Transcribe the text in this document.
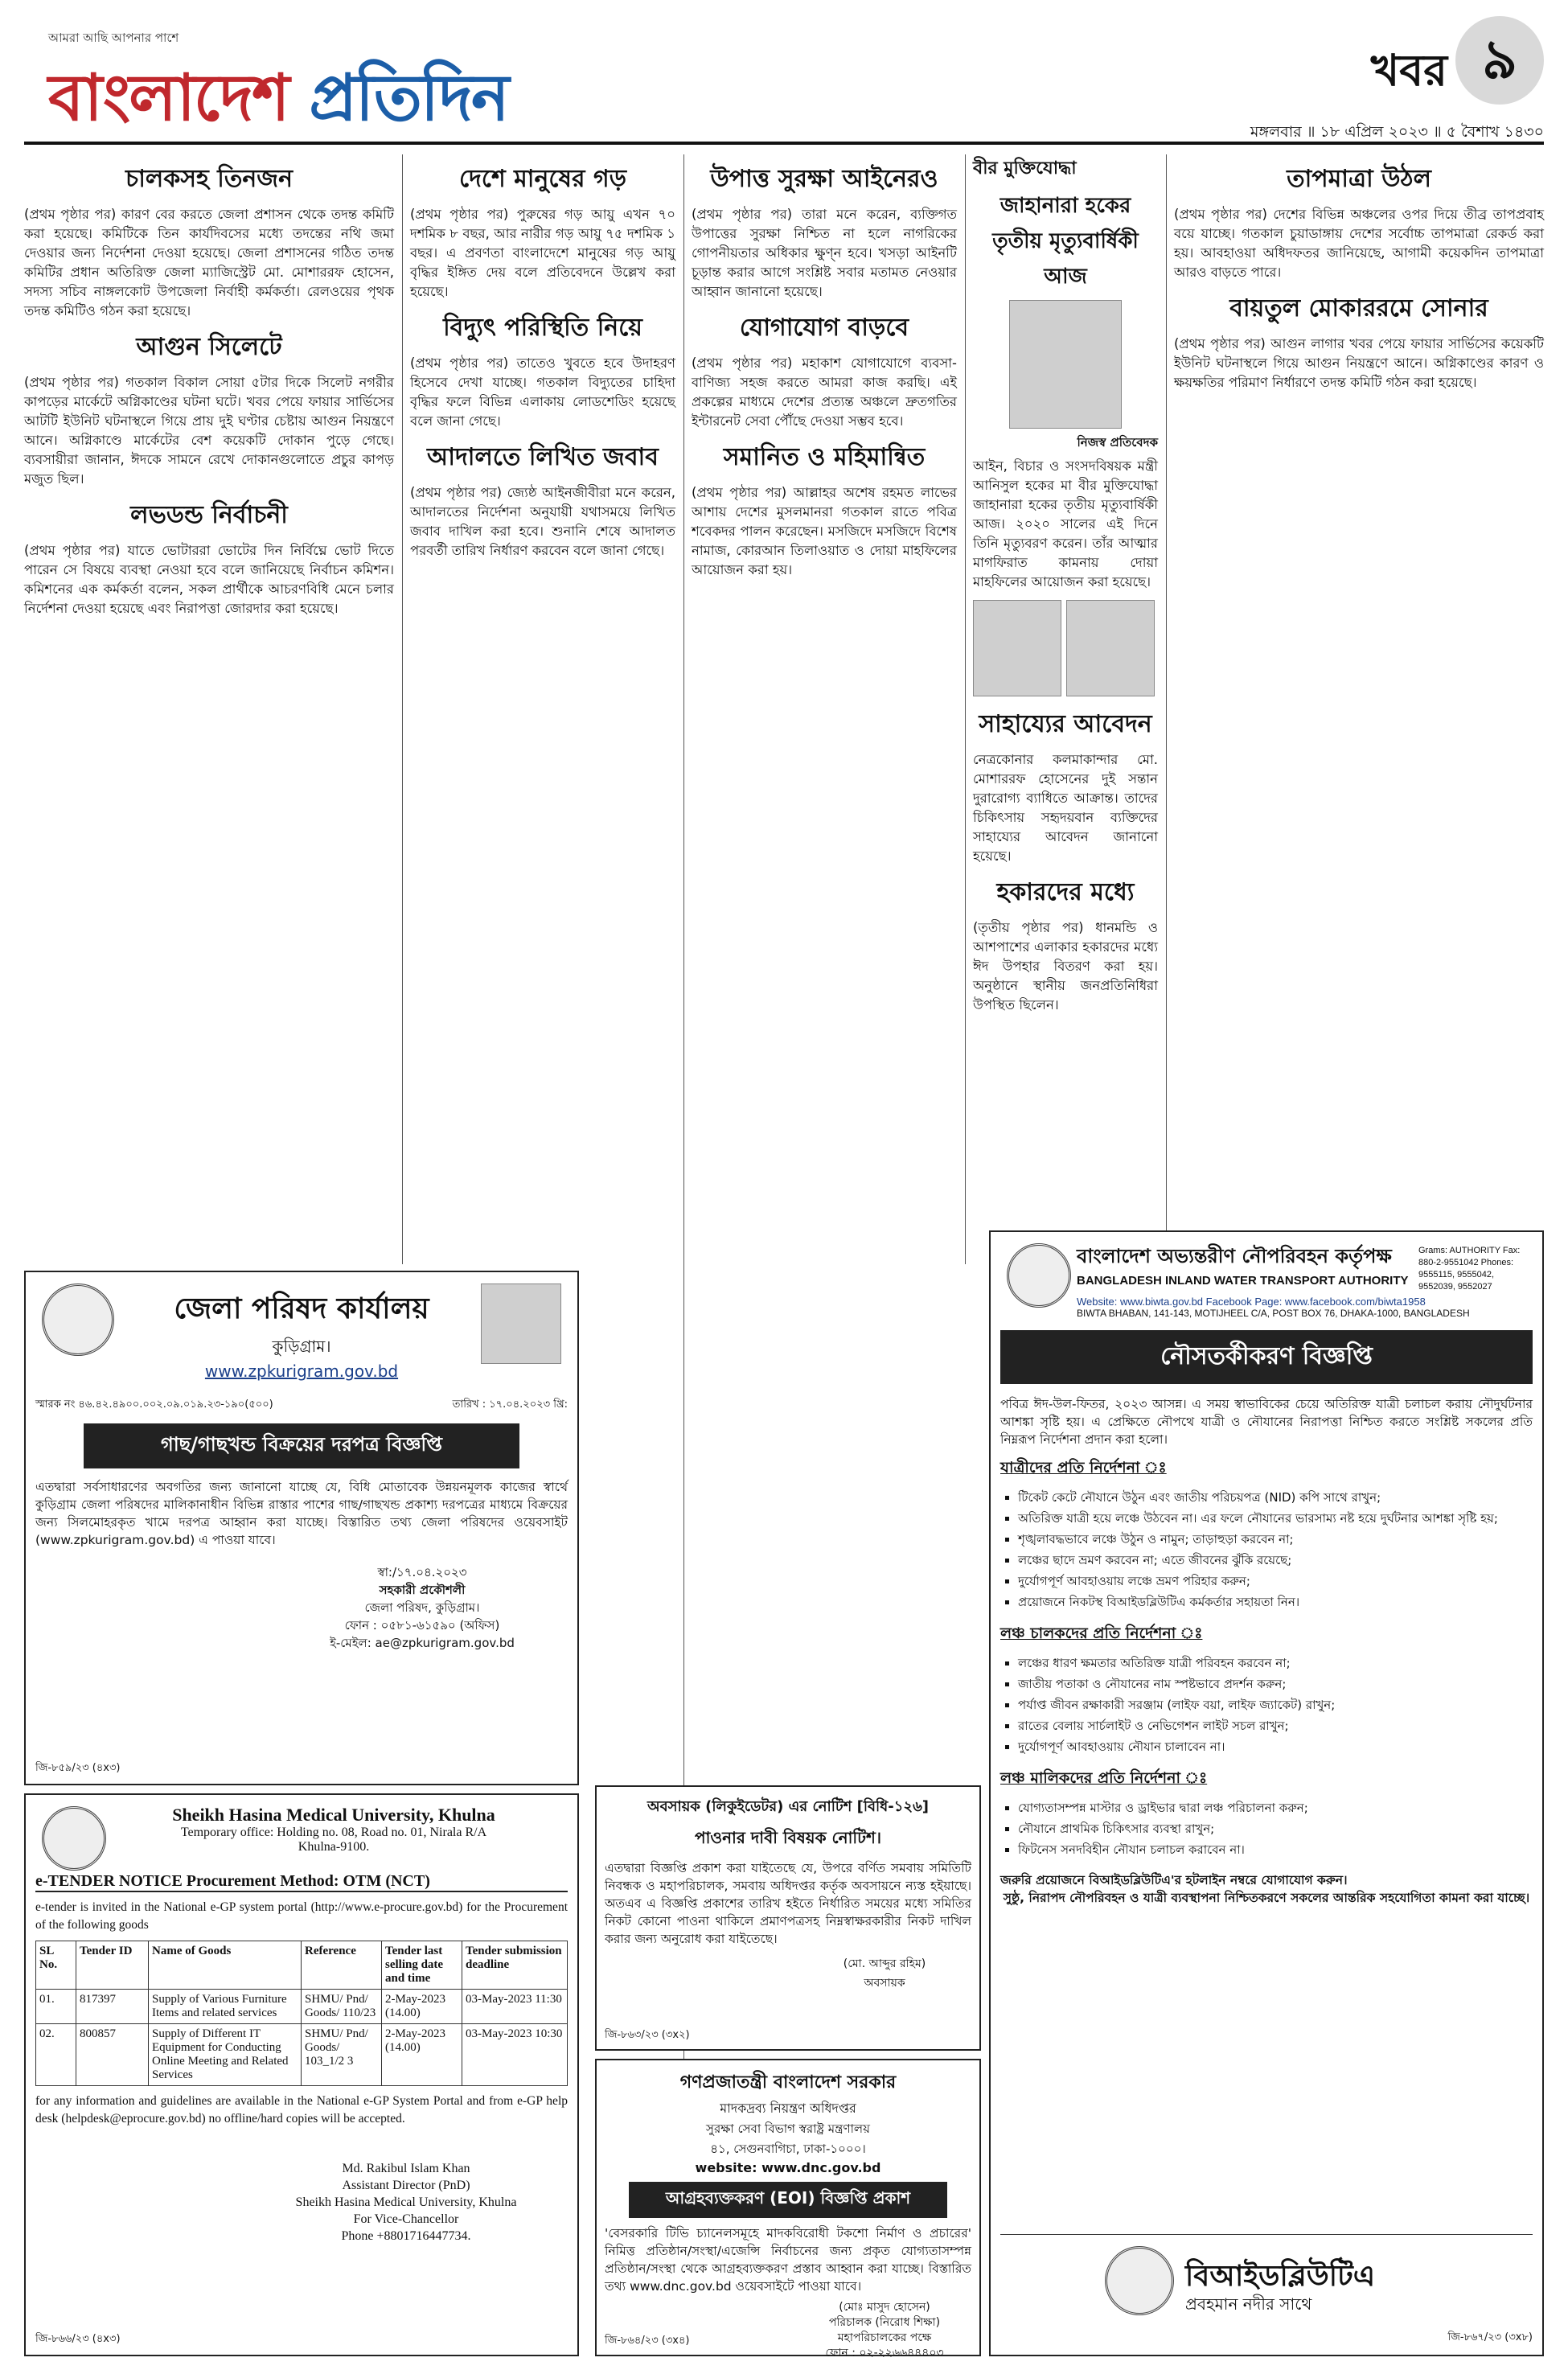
আমরা আছি আপনার পাশে
বাংলাদেশ প্রতিদিন	খবর ৯
মঙ্গলবার ॥ ১৮ এপ্রিল ২০২৩ ॥ ৫ বৈশাখ ১৪৩০
চালকসহ তিনজন

(প্রথম পৃষ্ঠার পর) কারণ বের করতে জেলা প্রশাসন থেকে তদন্ত কমিটি করা হয়েছে। কমিটিকে তিন কার্যদিবসের মধ্যে তদন্তের নথি জমা দেওয়ার জন্য নির্দেশনা দেওয়া হয়েছে। জেলা প্রশাসনের গঠিত তদন্ত কমিটির প্রধান অতিরিক্ত জেলা ম্যাজিস্ট্রেট মো. মোশাররফ হোসেন, সদস্য সচিব নাঙ্গলকোট উপজেলা নির্বাহী কর্মকর্তা। রেলওয়ের পৃথক তদন্ত কমিটিও গঠন করা হয়েছে।

আগুন সিলেটে

(প্রথম পৃষ্ঠার পর) গতকাল বিকাল সোয়া ৫টার দিকে সিলেট নগরীর কাপড়ের মার্কেটে অগ্নিকাণ্ডের ঘটনা ঘটে। খবর পেয়ে ফায়ার সার্ভিসের আটটি ইউনিট ঘটনাস্থলে গিয়ে প্রায় দুই ঘণ্টার চেষ্টায় আগুন নিয়ন্ত্রণে আনে। অগ্নিকাণ্ডে মার্কেটের বেশ কয়েকটি দোকান পুড়ে গেছে। ব্যবসায়ীরা জানান, ঈদকে সামনে রেখে দোকানগুলোতে প্রচুর কাপড় মজুত ছিল।

লভডন্ড নির্বাচনী

(প্রথম পৃষ্ঠার পর) যাতে ভোটাররা ভোটের দিন নির্বিঘ্নে ভোট দিতে পারেন সে বিষয়ে ব্যবস্থা নেওয়া হবে বলে জানিয়েছে নির্বাচন কমিশন। কমিশনের এক কর্মকর্তা বলেন, সকল প্রার্থীকে আচরণবিধি মেনে চলার নির্দেশনা দেওয়া হয়েছে এবং নিরাপত্তা জোরদার করা হয়েছে।

দেশে মানুষের গড়

(প্রথম পৃষ্ঠার পর) পুরুষের গড় আয়ু এখন ৭০ দশমিক ৮ বছর, আর নারীর গড় আয়ু ৭৫ দশমিক ১ বছর। এ প্রবণতা বাংলাদেশে মানুষের গড় আয়ু বৃদ্ধির ইঙ্গিত দেয় বলে প্রতিবেদনে উল্লেখ করা হয়েছে।

বিদ্যুৎ পরিস্থিতি নিয়ে

(প্রথম পৃষ্ঠার পর) তাতেও খুবতে হবে উদাহরণ হিসেবে দেখা যাচ্ছে। গতকাল বিদ্যুতের চাহিদা বৃদ্ধির ফলে বিভিন্ন এলাকায় লোডশেডিং হয়েছে বলে জানা গেছে।

আদালতে লিখিত জবাব

(প্রথম পৃষ্ঠার পর) জ্যেষ্ঠ আইনজীবীরা মনে করেন, আদালতের নির্দেশনা অনুযায়ী যথাসময়ে লিখিত জবাব দাখিল করা হবে। শুনানি শেষে আদালত পরবর্তী তারিখ নির্ধারণ করবেন বলে জানা গেছে।

উপাত্ত সুরক্ষা আইনেরও

(প্রথম পৃষ্ঠার পর) তারা মনে করেন, ব্যক্তিগত উপাত্তের সুরক্ষা নিশ্চিত না হলে নাগরিকের গোপনীয়তার অধিকার ক্ষুণ্ন হবে। খসড়া আইনটি চূড়ান্ত করার আগে সংশ্লিষ্ট সবার মতামত নেওয়ার আহ্বান জানানো হয়েছে।

যোগাযোগ বাড়বে

(প্রথম পৃষ্ঠার পর) মহাকাশ যোগাযোগে ব্যবসা-বাণিজ্য সহজ করতে আমরা কাজ করছি। এই প্রকল্পের মাধ্যমে দেশের প্রত্যন্ত অঞ্চলে দ্রুতগতির ইন্টারনেট সেবা পৌঁছে দেওয়া সম্ভব হবে।

সমানিত ও মহিমান্বিত

(প্রথম পৃষ্ঠার পর) আল্লাহর অশেষ রহমত লাভের আশায় দেশের মুসলমানরা গতকাল রাতে পবিত্র শবেকদর পালন করেছেন। মসজিদে মসজিদে বিশেষ নামাজ, কোরআন তিলাওয়াত ও দোয়া মাহফিলের আয়োজন করা হয়।

বীর মুক্তিযোদ্ধা
জাহানারা হকের তৃতীয় মৃত্যুবার্ষিকী আজ
নিজস্ব প্রতিবেদক

আইন, বিচার ও সংসদবিষয়ক মন্ত্রী আনিসুল হকের মা বীর মুক্তিযোদ্ধা জাহানারা হকের তৃতীয় মৃত্যুবার্ষিকী আজ। ২০২০ সালের এই দিনে তিনি মৃত্যুবরণ করেন। তাঁর আত্মার মাগফিরাত কামনায় দোয়া মাহফিলের আয়োজন করা হয়েছে।

সাহায্যের আবেদন

নেত্রকোনার কলমাকান্দার মো. মোশাররফ হোসেনের দুই সন্তান দুরারোগ্য ব্যাধিতে আক্রান্ত। তাদের চিকিৎসায় সহৃদয়বান ব্যক্তিদের সাহায্যের আবেদন জানানো হয়েছে।

হকারদের মধ্যে

(তৃতীয় পৃষ্ঠার পর) ধানমন্ডি ও আশপাশের এলাকার হকারদের মধ্যে ঈদ উপহার বিতরণ করা হয়। অনুষ্ঠানে স্থানীয় জনপ্রতিনিধিরা উপস্থিত ছিলেন।

তাপমাত্রা উঠল

(প্রথম পৃষ্ঠার পর) দেশের বিভিন্ন অঞ্চলের ওপর দিয়ে তীব্র তাপপ্রবাহ বয়ে যাচ্ছে। গতকাল চুয়াডাঙ্গায় দেশের সর্বোচ্চ তাপমাত্রা রেকর্ড করা হয়। আবহাওয়া অধিদফতর জানিয়েছে, আগামী কয়েকদিন তাপমাত্রা আরও বাড়তে পারে।

বায়তুল মোকাররমে সোনার

(প্রথম পৃষ্ঠার পর) আগুন লাগার খবর পেয়ে ফায়ার সার্ভিসের কয়েকটি ইউনিট ঘটনাস্থলে গিয়ে আগুন নিয়ন্ত্রণে আনে। অগ্নিকাণ্ডের কারণ ও ক্ষয়ক্ষতির পরিমাণ নির্ধারণে তদন্ত কমিটি গঠন করা হয়েছে।

জেলা পরিষদ কার্যালয়
কুড়িগ্রাম।
www.zpkurigram.gov.bd
স্মারক নং ৪৬.৪২.৪৯০০.০০২.০৯.০১৯.২৩-১৯০(৫০০)	তারিখ : ১৭.০৪.২০২৩ খ্রি:
গাছ/গাছখন্ড বিক্রয়ের দরপত্র বিজ্ঞপ্তি

এতদ্বারা সর্বসাধারণের অবগতির জন্য জানানো যাচ্ছে যে, বিধি মোতাবেক উন্নয়নমূলক কাজের স্বার্থে কুড়িগ্রাম জেলা পরিষদের মালিকানাধীন বিভিন্ন রাস্তার পাশের গাছ/গাছখন্ড প্রকাশ্য দরপত্রের মাধ্যমে বিক্রয়ের জন্য সিলমোহরকৃত খামে দরপত্র আহ্বান করা যাচ্ছে। বিস্তারিত তথ্য জেলা পরিষদের ওয়েবসাইট (www.zpkurigram.gov.bd) এ পাওয়া যাবে।

স্বা:/১৭.০৪.২০২৩
সহকারী প্রকৌশলী
জেলা পরিষদ, কুড়িগ্রাম।
ফোন : ০৫৮১-৬১৫৯০ (অফিস)
ই-মেইল: ae@zpkurigram.gov.bd
জি-৮৫৯/২৩ (৪x৩)
Sheikh Hasina Medical University, Khulna
Temporary office: Holding no. 08, Road no. 01, Nirala R/A
Khulna-9100.
e-TENDER NOTICE Procurement Method: OTM (NCT)

e-tender is invited in the National e-GP system portal (http://www.e-procure.gov.bd) for the Procurement of the following goods

SL No.	Tender ID	Name of Goods	Reference	Tender last selling date and time	Tender submission deadline
01.	817397	Supply of Various Furniture Items and related services	SHMU/ Pnd/ Goods/ 110/23	2-May-2023 (14.00)	03-May-2023 11:30
02.	800857	Supply of Different IT Equipment for Conducting Online Meeting and Related Services	SHMU/ Pnd/ Goods/ 103_1/2 3	2-May-2023 (14.00)	03-May-2023 10:30

for any information and guidelines are available in the National e-GP System Portal and from e-GP help desk (helpdesk@eprocure.gov.bd) no offline/hard copies will be accepted.

Md. Rakibul Islam Khan
Assistant Director (PnD)
Sheikh Hasina Medical University, Khulna
For Vice-Chancellor
Phone +8801716447734.
জি-৮৬৬/২৩ (৪x৩)
অবসায়ক (লিকুইডেটর) এর নোটিশ [বিধি-১২৬]
পাওনার দাবী বিষয়ক নোটিশ।

এতদ্বারা বিজ্ঞপ্তি প্রকাশ করা যাইতেছে যে, উপরে বর্ণিত সমবায় সমিতিটি নিবন্ধক ও মহাপরিচালক, সমবায় অধিদপ্তর কর্তৃক অবসায়নে ন্যস্ত হইয়াছে। অতএব এ বিজ্ঞপ্তি প্রকাশের তারিখ হইতে নির্ধারিত সময়ের মধ্যে সমিতির নিকট কোনো পাওনা থাকিলে প্রমাণপত্রসহ নিম্নস্বাক্ষরকারীর নিকট দাখিল করার জন্য অনুরোধ করা যাইতেছে।

(মো. আব্দুর রহিম)
অবসায়ক
জি-৮৬৩/২৩ (৩x২)
গণপ্রজাতন্ত্রী বাংলাদেশ সরকার
মাদকদ্রব্য নিয়ন্ত্রণ অধিদপ্তর
সুরক্ষা সেবা বিভাগ স্বরাষ্ট্র মন্ত্রণালয়
৪১, সেগুনবাগিচা, ঢাকা-১০০০।
website: www.dnc.gov.bd
আগ্রহব্যক্তকরণ (EOI) বিজ্ঞপ্তি প্রকাশ

'বেসরকারি টিভি চ্যানেলসমূহে মাদকবিরোধী টকশো নির্মাণ ও প্রচারের' নিমিত্ত প্রতিষ্ঠান/সংস্থা/এজেন্সি নির্বাচনের জন্য প্রকৃত যোগ্যতাসম্পন্ন প্রতিষ্ঠান/সংস্থা থেকে আগ্রহব্যক্তকরণ প্রস্তাব আহ্বান করা যাচ্ছে। বিস্তারিত তথ্য www.dnc.gov.bd ওয়েবসাইটে পাওয়া যাবে।

(মোঃ মাসুদ হোসেন)
পরিচালক (নিরোধ শিক্ষা)
মহাপরিচালকের পক্ষে
ফোন : ০২-২২৬৬৪৪৪০৩
জি-৮৬৪/২৩ (৩x৪)
বাংলাদেশ অভ্যন্তরীণ নৌপরিবহন কর্তৃপক্ষ
BANGLADESH INLAND WATER TRANSPORT AUTHORITY
Grams: AUTHORITY Fax: 880-2-9551042 Phones: 9555115, 9555042, 9552039, 9552027
Website: www.biwta.gov.bd Facebook Page: www.facebook.com/biwta1958
BIWTA BHABAN, 141-143, MOTIJHEEL C/A, POST BOX 76, DHAKA-1000, BANGLADESH
নৌসতর্কীকরণ বিজ্ঞপ্তি

পবিত্র ঈদ-উল-ফিতর, ২০২৩ আসন্ন। এ সময় স্বাভাবিকের চেয়ে অতিরিক্ত যাত্রী চলাচল করায় নৌদুর্ঘটনার আশঙ্কা সৃষ্টি হয়। এ প্রেক্ষিতে নৌপথে যাত্রী ও নৌযানের নিরাপত্তা নিশ্চিত করতে সংশ্লিষ্ট সকলের প্রতি নিম্নরূপ নির্দেশনা প্রদান করা হলো।

যাত্রীদের প্রতি নির্দেশনা ঃ
▪ টিকেট কেটে নৌযানে উঠুন এবং জাতীয় পরিচয়পত্র (NID) কপি সাথে রাখুন;
▪ অতিরিক্ত যাত্রী হয়ে লঞ্চে উঠবেন না। এর ফলে নৌযানের ভারসাম্য নষ্ট হয়ে দুর্ঘটনার আশঙ্কা সৃষ্টি হয়;
▪ শৃঙ্খলাবদ্ধভাবে লঞ্চে উঠুন ও নামুন; তাড়াহুড়া করবেন না;
▪ লঞ্চের ছাদে ভ্রমণ করবেন না; এতে জীবনের ঝুঁকি রয়েছে;
▪ দুর্যোগপূর্ণ আবহাওয়ায় লঞ্চে ভ্রমণ পরিহার করুন;
▪ প্রয়োজনে নিকটস্থ বিআইডব্লিউটিএ কর্মকর্তার সহায়তা নিন।
লঞ্চ চালকদের প্রতি নির্দেশনা ঃ
▪ লঞ্চের ধারণ ক্ষমতার অতিরিক্ত যাত্রী পরিবহন করবেন না;
▪ জাতীয় পতাকা ও নৌযানের নাম স্পষ্টভাবে প্রদর্শন করুন;
▪ পর্যাপ্ত জীবন রক্ষাকারী সরঞ্জাম (লাইফ বয়া, লাইফ জ্যাকেট) রাখুন;
▪ রাতের বেলায় সার্চলাইট ও নেভিগেশন লাইট সচল রাখুন;
▪ দুর্যোগপূর্ণ আবহাওয়ায় নৌযান চালাবেন না।
লঞ্চ মালিকদের প্রতি নির্দেশনা ঃ
▪ যোগ্যতাসম্পন্ন মাস্টার ও ড্রাইভার দ্বারা লঞ্চ পরিচালনা করুন;
▪ নৌযানে প্রাথমিক চিকিৎসার ব্যবস্থা রাখুন;
▪ ফিটনেস সনদবিহীন নৌযান চলাচল করাবেন না।

জরুরি প্রয়োজনে বিআইডব্লিউটিএ'র হটলাইন নম্বরে যোগাযোগ করুন।

সুষ্ঠু, নিরাপদ নৌপরিবহন ও যাত্রী ব্যবস্থাপনা নিশ্চিতকরণে সকলের আন্তরিক সহযোগিতা কামনা করা যাচ্ছে।

বিআইডব্লিউটিএ
প্রবহমান নদীর সাথে
জি-৮৬৭/২৩ (৩x৮)
